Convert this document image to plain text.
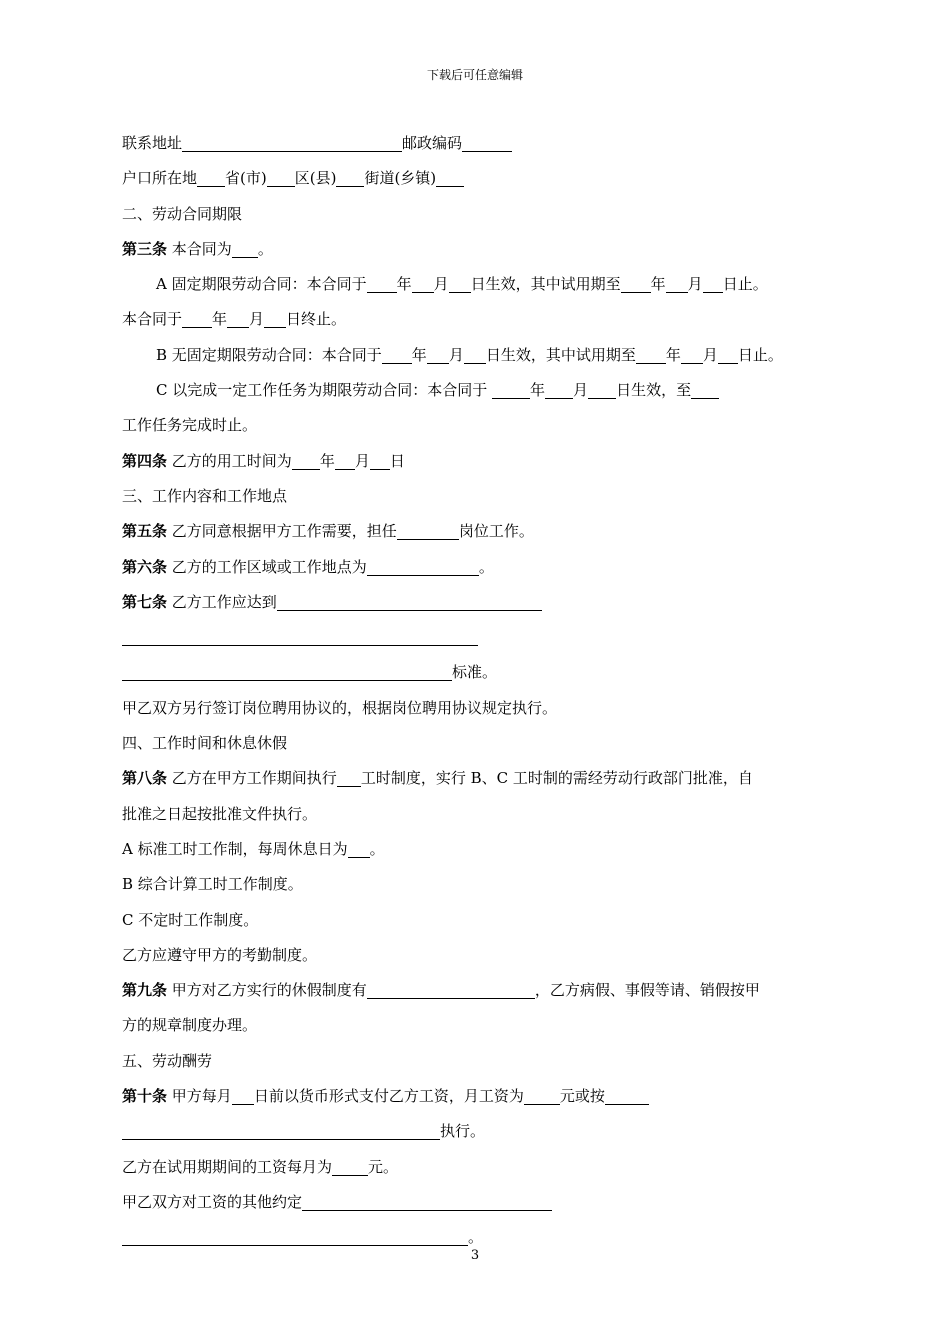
下载后可任意编辑
联系地址	邮政编码
户口所在地 省(市) 区(县) 街道(乡镇)
二、劳动合同期限
第三条 本合同为 。
A 固定期限劳动合同：本合同于 年 月 日生效，其中试用期至 年 月 日止。
本合同于 年 月 日终止。
B 无固定期限劳动合同：本合同于 年 月 日生效，其中试用期至 年 月 日止。
C 以完成一定工作任务为期限劳动合同：本合同于	年 月 日生效，至
工作任务完成时止。
第四条 乙方的用工时间为 年 月 日
三、工作内容和工作地点
第五条 乙方同意根据甲方工作需要，担任	岗位工作。
第六条 乙方的工作区域或工作地点为	。
第七条 乙方工作应达到
标准。
甲乙双方另行签订岗位聘用协议的，根据岗位聘用协议规定执行。
四、工作时间和休息休假
第八条 乙方在甲方工作期间执行 工时制度，实行 B、C 工时制的需经劳动行政部门批准，自
批准之日起按批准文件执行。
A 标准工时工作制，每周休息日为 。
B 综合计算工时工作制度。
C 不定时工作制度。
乙方应遵守甲方的考勤制度。
第九条 甲方对乙方实行的休假制度有	，乙方病假、事假等请、销假按甲
方的规章制度办理。
五、劳动酬劳
第十条 甲方每月 日前以货币形式支付乙方工资，月工资为 元或按
执行。
乙方在试用期期间的工资每月为 元。
甲乙双方对工资的其他约定
。
3
